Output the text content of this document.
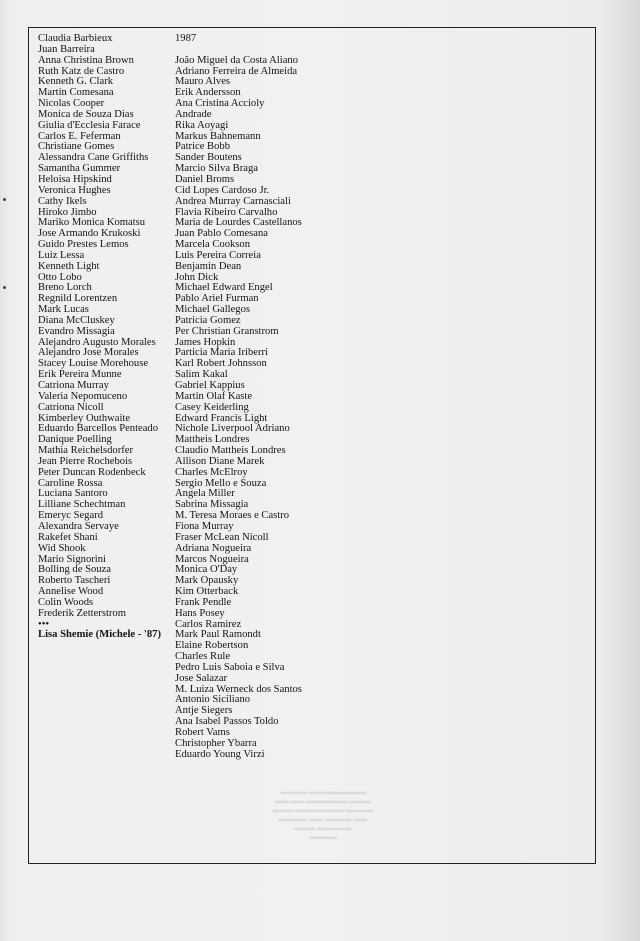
▬▬▬▬▬▬▬▬ ▬▬▬▬
▬▬▬ ▬▬▬▬▬▬ ▬▬ ▬▬
▬▬▬▬ ▬▬▬▬▬▬▬ ▬▬▬
▬▬ ▬▬▬▬ ▬▬ ▬▬▬▬
▬▬▬▬▬ ▬▬▬
▬▬▬▬
Claudia Barbieux
Juan Barreira
Anna Christina Brown
Ruth Katz de Castro
Kenneth G. Clark
Martin Comesana
Nicolas Cooper
Monica de Souza Dias
Giulia d'Ecclesia Farace
Carlos E. Feferman
Christiane Gomes
Alessandra Cane Griffiths
Samantha Gummer
Heloisa Hipskind
Veronica Hughes
Cathy Ikels
Hiroko Jimbo
Mariko Monica Komatsu
Jose Armando Krukoski
Guido Prestes Lemos
Luiz Lessa
Kenneth Light
Otto Lobo
Breno Lorch
Regnild Lorentzen
Mark Lucas
Diana McCluskey
Evandro Missagia
Alejandro Augusto Morales
Alejandro Jose Morales
Stacey Louise Morehouse
Erik Pereira Munne
Catriona Murray
Valeria Nepomuceno
Catriona Nicoll
Kimberley Outhwaite
Eduardo Barcellos Penteado
Danique Poelling
Mathia Reichelsdorfer
Jean Pierre Rochebois
Peter Duncan Rodenbeck
Caroline Rossa
Luciana Santoro
Lilliane Schechtman
Emeryc Segard
Alexandra Servaye
Rakefet Shani
Wid Shook
Mario Signorini
Bolling de Souza
Roberto Tascheri
Annelise Wood
Colin Woods
Frederik Zetterstrom
•••
Lisa Shemie (Michele - '87)
1987
João Miguel da Costa Aliano
Adriano Ferreira de Almeida
Mauro Alves
Erik Andersson
Ana Cristina Accioly
Andrade
Rika Aoyagi
Markus Bahnemann
Patrice Bobb
Sander Boutens
Marcio Silva Braga
Daniel Broms
Cid Lopes Cardoso Jr.
Andrea Murray Carnasciali
Flavia Ribeiro Carvalho
Maria de Lourdes Castellanos
Juan Pablo Comesana
Marcela Cookson
Luis Pereira Correia
Benjamin Dean
John Dick
Michael Edward Engel
Pablo Ariel Furman
Michael Gallegos
Patricia Gomez
Per Christian Granstrom
James Hopkin
Particia Maria Iriberri
Karl Robert Johnsson
Salim Kakal
Gabriel Kappius
Martin Olaf Kaste
Casey Keiderling
Edward Francis Light
Nichole Liverpool Adriano
Mattheis Londres
Claudio Mattheis Londres
Allison Diane Marek
Charles McElroy
Sergio Mello e Souza
Angela Miller
Sabrina Missagia
M. Teresa Moraes e Castro
Fiona Murray
Fraser McLean Nicoll
Adriana Nogueira
Marcos Nogueira
Monica O'Day
Mark Opausky
Kim Otterback
Frank Pendle
Hans Posey
Carlos Ramirez
Mark Paul Ramondt
Elaine Robertson
Charles Rule
Pedro Luis Saboia e Silva
Jose Salazar
M. Luiza Werneck dos Santos
Antonio Siciliano
Antje Siegers
Ana Isabel Passos Toldo
Robert Vams
Christopher Ybarra
Eduardo Young Virzi
